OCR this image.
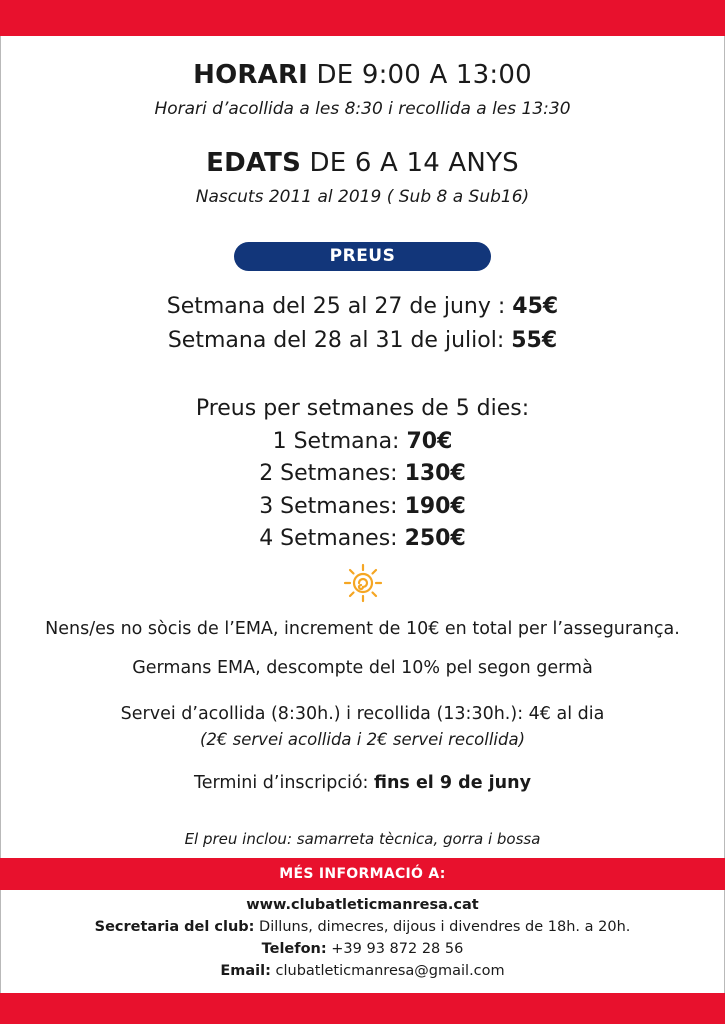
HORARI DE 9:00 A 13:00
Horari d’acollida a les 8:30 i recollida a les 13:30
EDATS DE 6 A 14 ANYS
Nascuts 2011 al 2019 ( Sub 8 a Sub16)
PREUS
Setmana del 25 al 27 de juny : 45€
Setmana del 28 al 31 de juliol: 55€
Preus per setmanes de 5 dies:
1 Setmana: 70€
2 Setmanes: 130€
3 Setmanes: 190€
4 Setmanes: 250€
Nens/es no sòcis de l’EMA, increment de 10€ en total per l’assegurança.
Germans EMA, descompte del 10% pel segon germà
Servei d’acollida (8:30h.) i recollida (13:30h.): 4€ al dia
(2€ servei acollida i 2€ servei recollida)
Termini d’inscripció: fins el 9 de juny
El preu inclou: samarreta tècnica, gorra i bossa
MÉS INFORMACIÓ A:
www.clubatleticmanresa.cat
Secretaria del club: Dilluns, dimecres, dijous i divendres de 18h. a 20h.
Telefon: +39 93 872 28 56
Email: clubatleticmanresa@gmail.com
